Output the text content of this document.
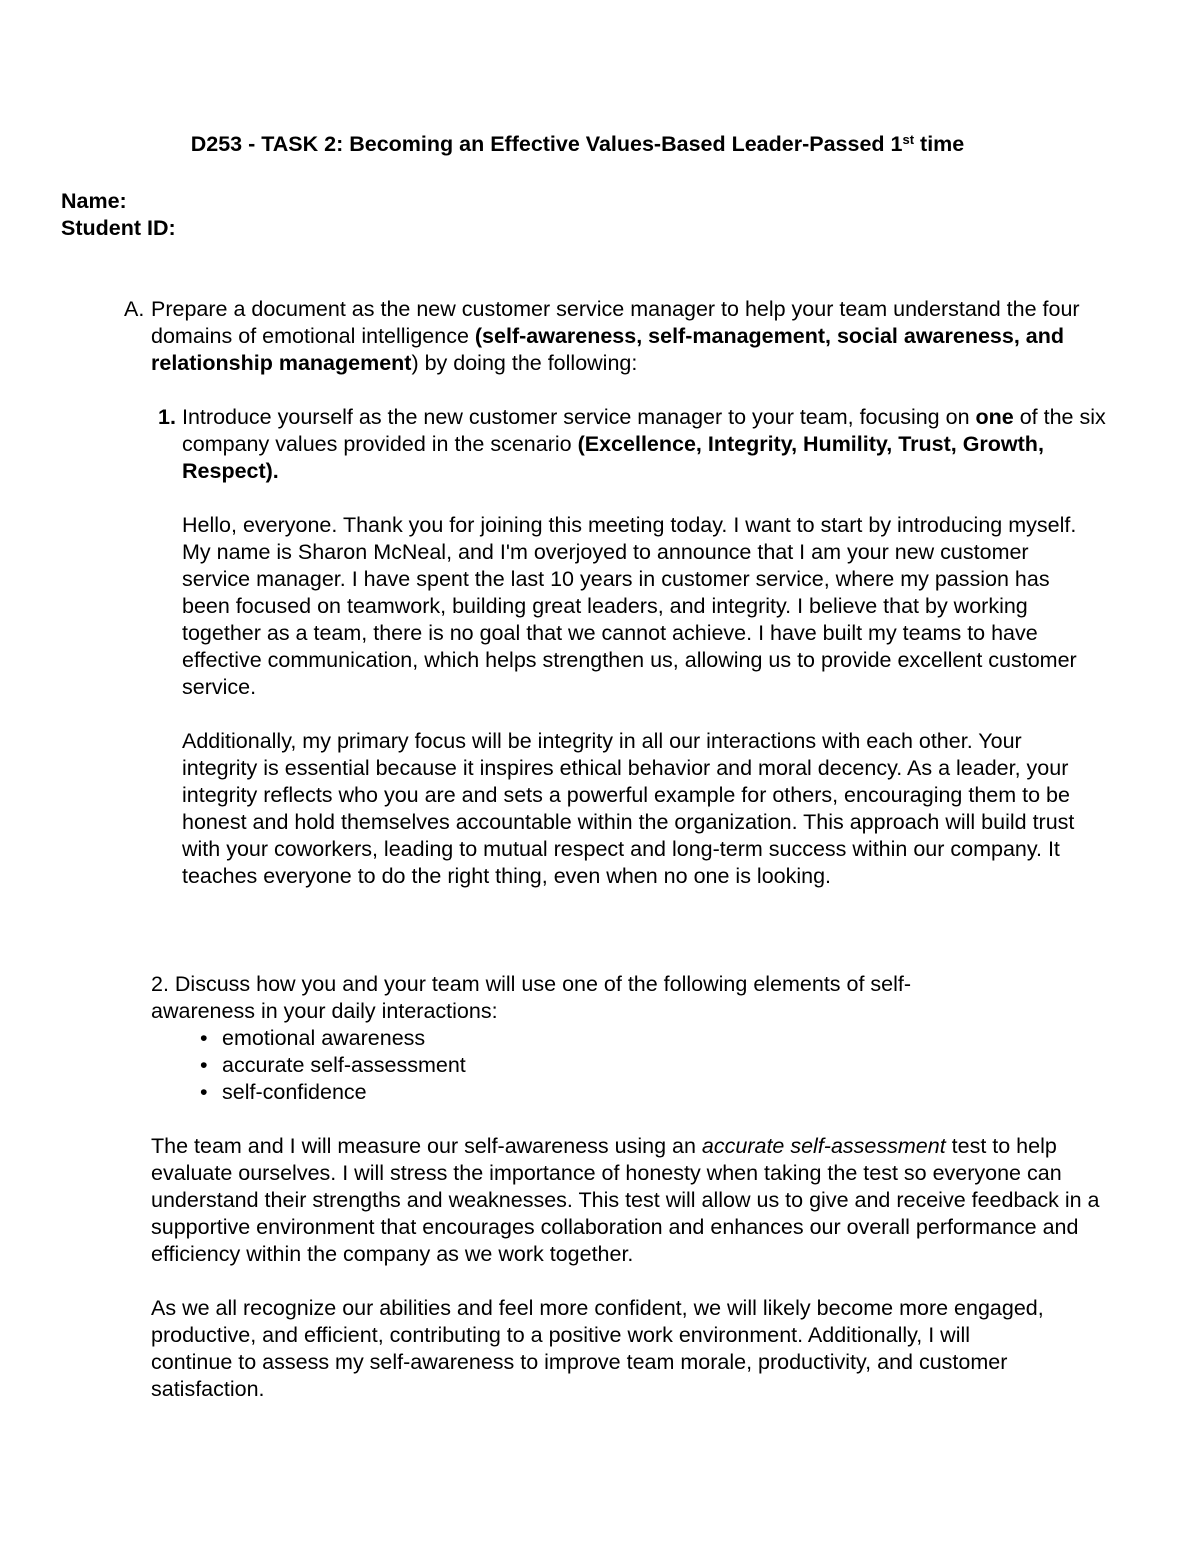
D253 - TASK 2: Becoming an Effective Values-Based Leader-Passed 1st time
Name:
Student ID:
A. Prepare a document as the new customer service manager to help your team understand the four domains of emotional intelligence (self-awareness, self-management, social awareness, and relationship management) by doing the following:

1. Introduce yourself as the new customer service manager to your team, focusing on one of the six company values provided in the scenario (Excellence, Integrity, Humility, Trust, Growth, Respect).

Hello, everyone. Thank you for joining this meeting today. I want to start by introducing myself. My name is Sharon McNeal, and I'm overjoyed to announce that I am your new customer service manager. I have spent the last 10 years in customer service, where my passion has been focused on teamwork, building great leaders, and integrity. I believe that by working together as a team, there is no goal that we cannot achieve. I have built my teams to have effective communication, which helps strengthen us, allowing us to provide excellent customer service.

Additionally, my primary focus will be integrity in all our interactions with each other. Your integrity is essential because it inspires ethical behavior and moral decency. As a leader, your integrity reflects who you are and sets a powerful example for others, encouraging them to be honest and hold themselves accountable within the organization. This approach will build trust with your coworkers, leading to mutual respect and long-term success within our company. It teaches everyone to do the right thing, even when no one is looking.

2. Discuss how you and your team will use one of the following elements of self-awareness in your daily interactions:

• emotional awareness
• accurate self-assessment
• self-confidence

The team and I will measure our self-awareness using an accurate self-assessment test to help evaluate ourselves. I will stress the importance of honesty when taking the test so everyone can understand their strengths and weaknesses. This test will allow us to give and receive feedback in a supportive environment that encourages collaboration and enhances our overall performance and efficiency within the company as we work together.

As we all recognize our abilities and feel more confident, we will likely become more engaged, productive, and efficient, contributing to a positive work environment. Additionally, I will continue to assess my self-awareness to improve team morale, productivity, and customer satisfaction.
